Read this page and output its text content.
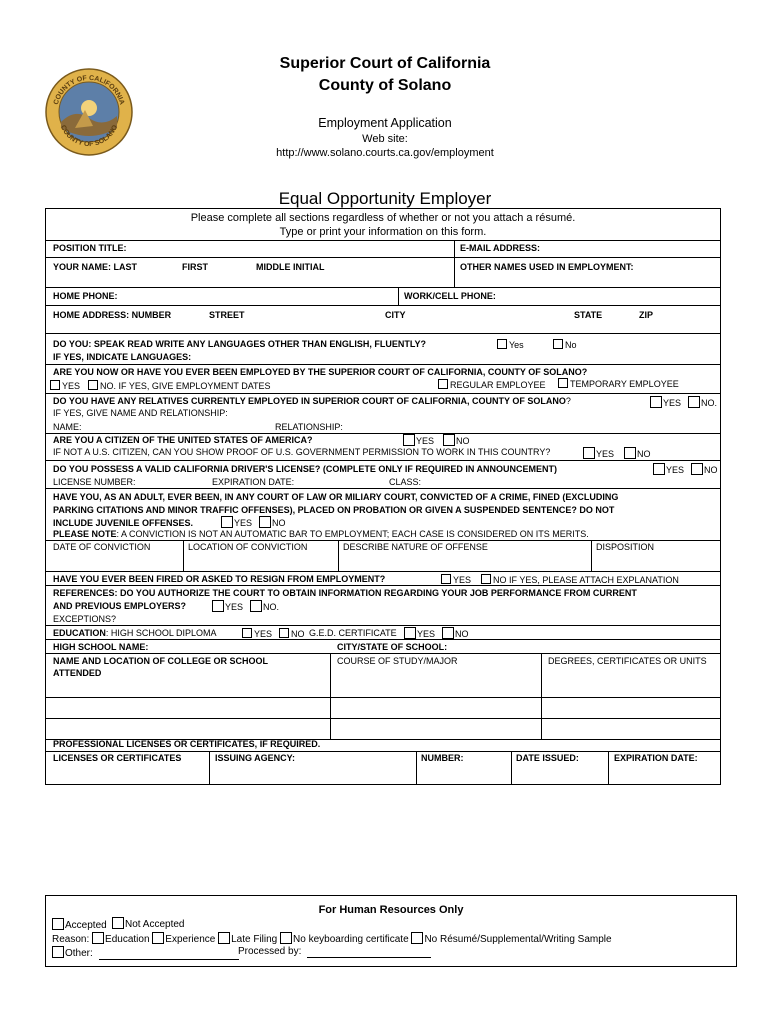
COUNTY OF CALIFORNIA
COUNTY OF SOLANO
Superior Court of California
County of Solano
Employment Application
Web site:
http://www.solano.courts.ca.gov/employment
Equal Opportunity Employer
Please complete all sections regardless of whether or not you attach a résumé.
Type or print your information on this form.
POSITION TITLE:	E-MAIL ADDRESS:
YOUR NAME: LAST	FIRST	MIDDLE INITIAL	OTHER NAMES USED IN EMPLOYMENT:
HOME PHONE:	WORK/CELL PHONE:
HOME ADDRESS: NUMBER	STREET	CITY	STATE	ZIP
DO YOU: SPEAK READ WRITE ANY LANGUAGES OTHER THAN ENGLISH, FLUENTLY?	Yes	No
IF YES, INDICATE LANGUAGES:
ARE YOU NOW OR HAVE YOU EVER BEEN EMPLOYED BY THE SUPERIOR COURT OF CALIFORNIA, COUNTY OF SOLANO?
YES	NO. IF YES, GIVE EMPLOYMENT DATES	REGULAR EMPLOYEE	TEMPORARY EMPLOYEE
DO YOU HAVE ANY RELATIVES CURRENTLY EMPLOYED IN SUPERIOR COURT OF CALIFORNIA, COUNTY OF SOLANO?	YES	NO.
IF YES, GIVE NAME AND RELATIONSHIP:
NAME:	RELATIONSHIP:
ARE YOU A CITIZEN OF THE UNITED STATES OF AMERICA?	YES	NO
IF NOT A U.S. CITIZEN, CAN YOU SHOW PROOF OF U.S. GOVERNMENT PERMISSION TO WORK IN THIS COUNTRY?	YES	NO
DO YOU POSSESS A VALID CALIFORNIA DRIVER'S LICENSE? (COMPLETE ONLY IF REQUIRED IN ANNOUNCEMENT)	YES	NO
LICENSE NUMBER:	EXPIRATION DATE:	CLASS:
HAVE YOU, AS AN ADULT, EVER BEEN, IN ANY COURT OF LAW OR MILIARY COURT, CONVICTED OF A CRIME, FINED (EXCLUDING
PARKING CITATIONS AND MINOR TRAFFIC OFFENSES), PLACED ON PROBATION OR GIVEN A SUSPENDED SENTENCE? DO NOT
INCLUDE JUVENILE OFFENSES.	YES	NO
PLEASE NOTE: A CONVICTION IS NOT AN AUTOMATIC BAR TO EMPLOYMENT; EACH CASE IS CONSIDERED ON ITS MERITS.
DATE OF CONVICTION	LOCATION OF CONVICTION	DESCRIBE NATURE OF OFFENSE	DISPOSITION
HAVE YOU EVER BEEN FIRED OR ASKED TO RESIGN FROM EMPLOYMENT?	YES	NO IF YES, PLEASE ATTACH EXPLANATION
REFERENCES: DO YOU AUTHORIZE THE COURT TO OBTAIN INFORMATION REGARDING YOUR JOB PERFORMANCE FROM CURRENT
AND PREVIOUS EMPLOYERS?	YES	NO.
EXCEPTIONS?
EDUCATION: HIGH SCHOOL DIPLOMA	YES	NO G.E.D. CERTIFICATE	YES	NO
HIGH SCHOOL NAME:	CITY/STATE OF SCHOOL:
NAME AND LOCATION OF COLLEGE OR SCHOOL
ATTENDED
COURSE OF STUDY/MAJOR	DEGREES, CERTIFICATES OR UNITS
PROFESSIONAL LICENSES OR CERTIFICATES, IF REQUIRED.
LICENSES OR CERTIFICATES	ISSUING AGENCY:	NUMBER:	DATE ISSUED:	EXPIRATION DATE:
For Human Resources Only
Accepted	Not Accepted
Reason: Education Experience Late Filing No keyboarding certificate No Résumé/Supplemental/Writing Sample
Other:	Processed by:
